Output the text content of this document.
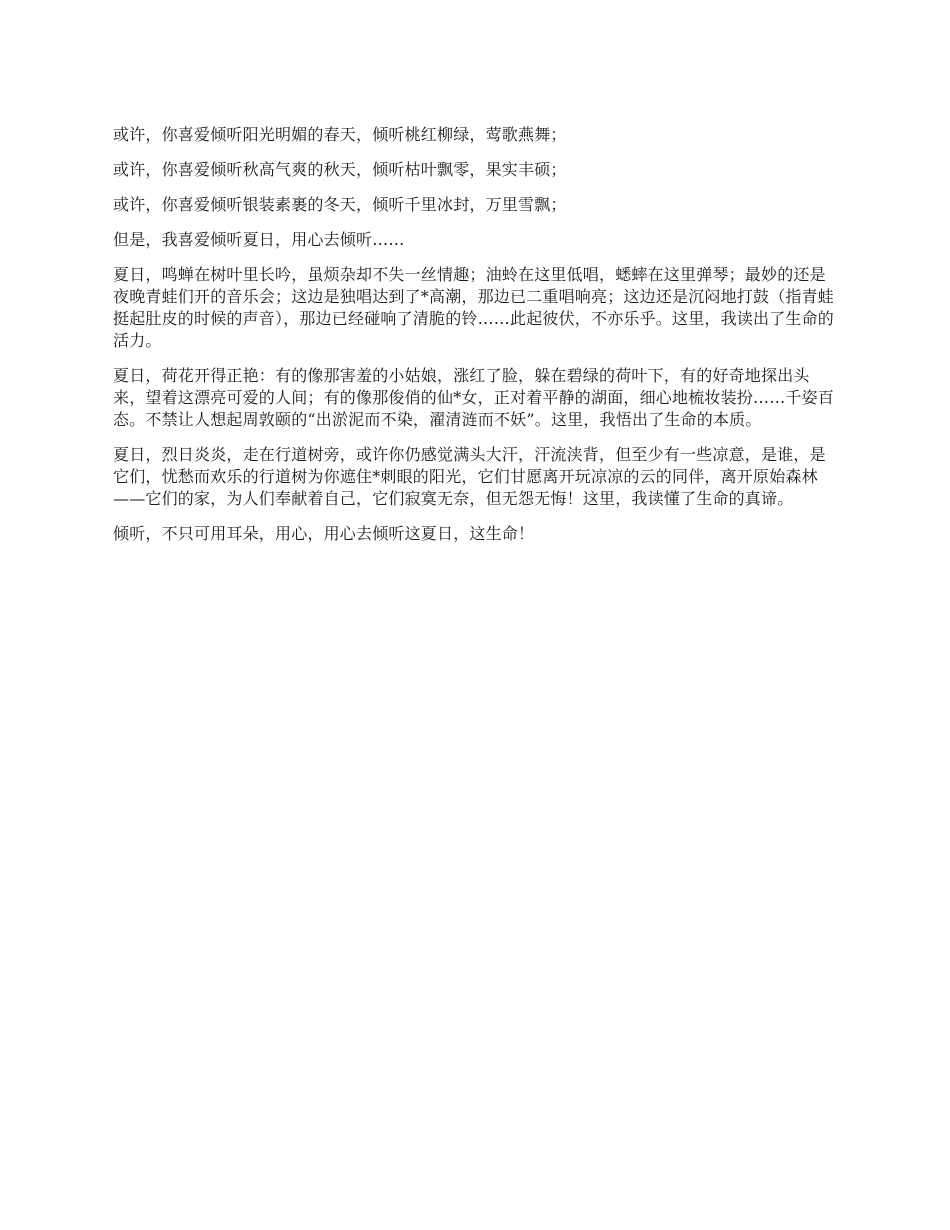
或许，你喜爱倾听阳光明媚的春天，倾听桃红柳绿，莺歌燕舞；

或许，你喜爱倾听秋高气爽的秋天，倾听枯叶飘零，果实丰硕；

或许，你喜爱倾听银装素裹的冬天，倾听千里冰封，万里雪飘；

但是，我喜爱倾听夏日，用心去倾听……

夏日，鸣蝉在树叶里长吟，虽烦杂却不失一丝情趣；油蛉在这里低唱，蟋蟀在这里弹琴；最妙的还是夜晚青蛙们开的音乐会；这边是独唱达到了*高潮，那边已二重唱响亮；这边还是沉闷地打鼓（指青蛙挺起肚皮的时候的声音），那边已经碰响了清脆的铃……此起彼伏，不亦乐乎。这里，我读出了生命的活力。

夏日，荷花开得正艳：有的像那害羞的小姑娘，涨红了脸，躲在碧绿的荷叶下，有的好奇地探出头来，望着这漂亮可爱的人间；有的像那俊俏的仙*女，正对着平静的湖面，细心地梳妆装扮……千姿百态。不禁让人想起周敦颐的“出淤泥而不染，濯清涟而不妖”。这里，我悟出了生命的本质。

夏日，烈日炎炎，走在行道树旁，或许你仍感觉满头大汗，汗流浃背，但至少有一些凉意，是谁，是它们，忧愁而欢乐的行道树为你遮住*刺眼的阳光，它们甘愿离开玩凉凉的云的同伴，离开原始森林——它们的家，为人们奉献着自己，它们寂寞无奈，但无怨无悔！这里，我读懂了生命的真谛。

倾听，不只可用耳朵，用心，用心去倾听这夏日，这生命！
